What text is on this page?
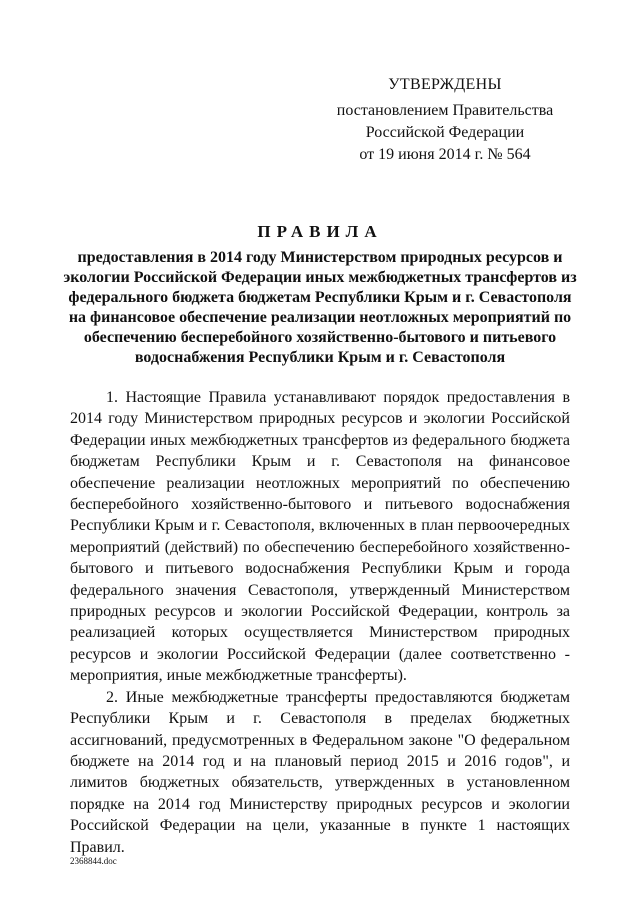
УТВЕРЖДЕНЫ
постановлением Правительства
Российской Федерации
от 19 июня 2014 г. № 564
ПРАВИЛА
предоставления в 2014 году Министерством природных ресурсов и
экологии Российской Федерации иных межбюджетных трансфертов из
федерального бюджета бюджетам Республики Крым и г. Севастополя
на финансовое обеспечение реализации неотложных мероприятий по
обеспечению бесперебойного хозяйственно-бытового и питьевого
водоснабжения Республики Крым и г. Севастополя

1. Настоящие Правила устанавливают порядок предоставления в 2014 году Министерством природных ресурсов и экологии Российской Федерации иных межбюджетных трансфертов из федерального бюджета бюджетам Республики Крым и г. Севастополя на финансовое обеспечение реализации неотложных мероприятий по обеспечению бесперебойного хозяйственно-бытового и питьевого водоснабжения Республики Крым и г. Севастополя, включенных в план первоочередных мероприятий (действий) по обеспечению бесперебойного хозяйственно-бытового и питьевого водоснабжения Республики Крым и города федерального значения Севастополя, утвержденный Министерством природных ресурсов и экологии Российской Федерации, контроль за реализацией которых осуществляется Министерством природных ресурсов и экологии Российской Федерации (далее соответственно - мероприятия, иные межбюджетные трансферты).

2. Иные межбюджетные трансферты предоставляются бюджетам Республики Крым и г. Севастополя в пределах бюджетных ассигнований, предусмотренных в Федеральном законе "О федеральном бюджете на 2014 год и на плановый период 2015 и 2016 годов", и лимитов бюджетных обязательств, утвержденных в установленном порядке на 2014 год Министерству природных ресурсов и экологии Российской Федерации на цели, указанные в пункте 1 настоящих Правил.

2368844.doc
